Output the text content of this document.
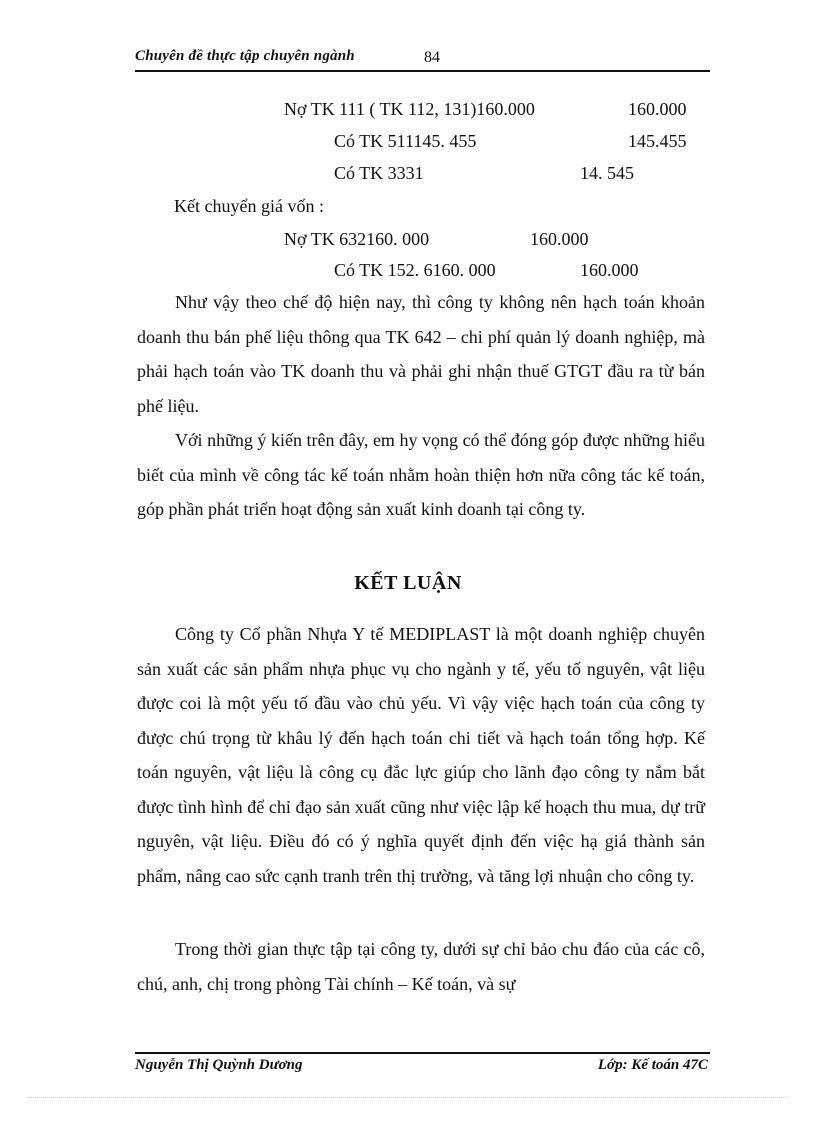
Chuyên đề thực tập chuyên ngành	84
Nợ TK 111 ( TK 112, 131)160.000	160.000
Có TK 511145. 455	145.455
Có TK 3331	14. 545
Kết chuyển giá vốn :
Nợ TK 632160. 000	160.000
Có TK 152. 6160. 000	160.000
Như vậy theo chế độ hiện nay, thì công ty không nên hạch toán khoản doanh thu bán phế liệu thông qua TK 642 – chi phí quản lý doanh nghiệp, mà phải hạch toán vào TK doanh thu và phải ghi nhận thuế GTGT đầu ra từ bán phế liệu.
Với những ý kiến trên đây, em hy vọng có thể đóng góp được những hiểu biết của mình về công tác kế toán nhằm hoàn thiện hơn nữa công tác kế toán, góp phần phát triển hoạt động sản xuất kinh doanh tại công ty.
KẾT LUẬN
Công ty Cổ phần Nhựa Y tế MEDIPLAST là một doanh nghiệp chuyên sản xuất các sản phẩm nhựa phục vụ cho ngành y tế, yếu tố nguyên, vật liệu được coi là một yếu tố đầu vào chủ yếu. Vì vậy việc hạch toán của công ty được chú trọng từ khâu lý đến hạch toán chi tiết và hạch toán tổng hợp. Kế toán nguyên, vật liệu là công cụ đắc lực giúp cho lãnh đạo công ty nắm bắt được tình hình để chỉ đạo sản xuất cũng như việc lập kế hoạch thu mua, dự trữ nguyên, vật liệu. Điều đó có ý nghĩa quyết định đến việc hạ giá thành sản phẩm, nâng cao sức cạnh tranh trên thị trường, và tăng lợi nhuận cho công ty.
Trong thời gian thực tập tại công ty, dưới sự chỉ bảo chu đáo của các cô, chú, anh, chị trong phòng Tài chính – Kế toán, và sự
Nguyễn Thị Quỳnh Dương	Lớp: Kế toán 47C
